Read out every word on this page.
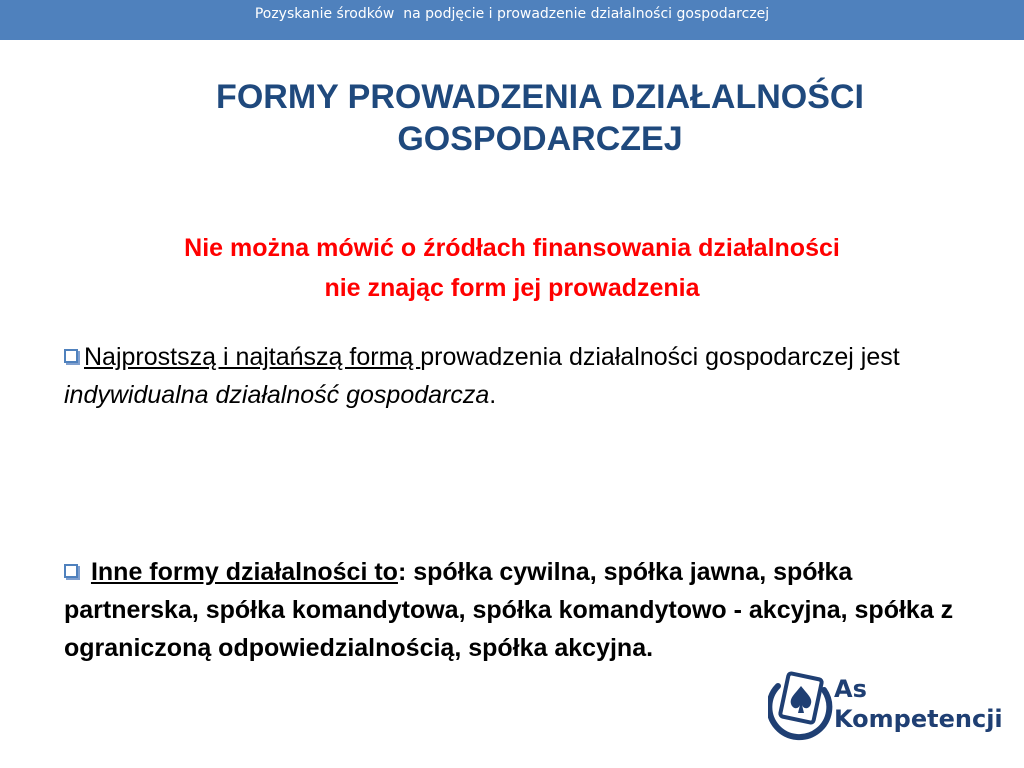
Pozyskanie środków  na podjęcie i prowadzenie działalności gospodarczej
FORMY PROWADZENIA DZIAŁALNOŚCI
GOSPODARCZEJ
Nie można mówić o źródłach finansowania działalności
nie znając form jej prowadzenia
Najprostszą i najtańszą formą prowadzenia działalności gospodarczej jest indywidualna działalność gospodarcza.
Inne formy działalności to: spółka cywilna, spółka jawna, spółka partnerska, spółka komandytowa, spółka komandytowo - akcyjna, spółka z ograniczoną odpowiedzialnością, spółka akcyjna.
As
Kompetencji
